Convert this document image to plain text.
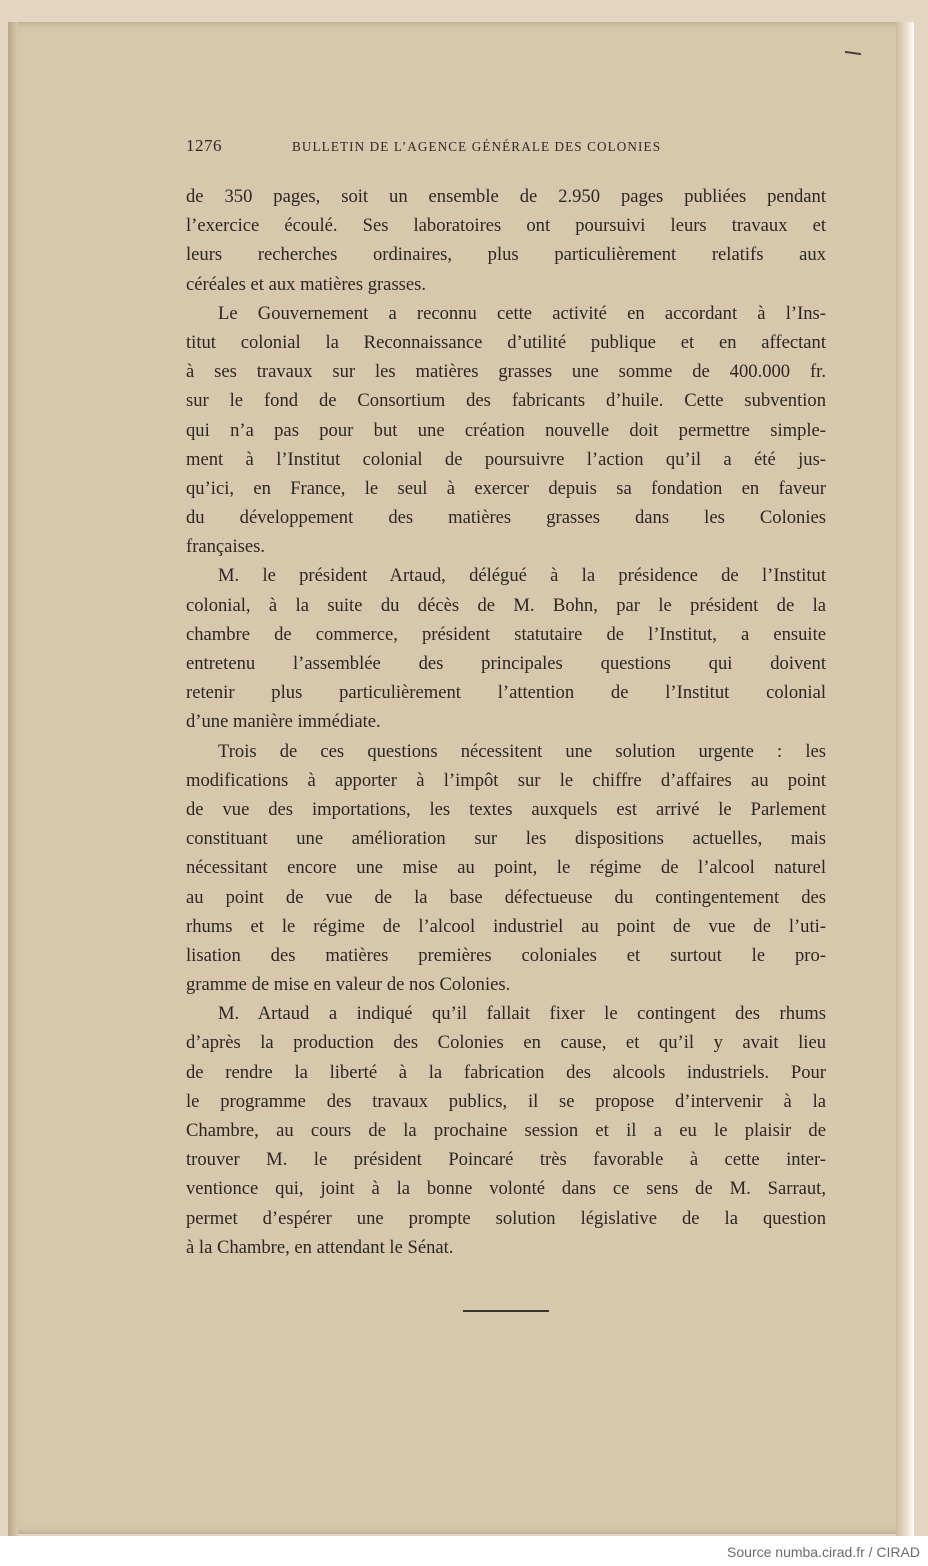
1276	BULLETIN DE L’AGENCE GÉNÉRALE DES COLONIES
de 350 pages, soit un ensemble de 2.950 pages publiées pendant
l’exercice écoulé. Ses laboratoires ont poursuivi leurs travaux et
leurs recherches ordinaires, plus particulièrement relatifs aux
céréales et aux matières grasses.
Le Gouvernement a reconnu cette activité en accordant à l’Ins-
titut colonial la Reconnaissance d’utilité publique et en affectant
à ses travaux sur les matières grasses une somme de 400.000 fr.
sur le fond de Consortium des fabricants d’huile. Cette subvention
qui n’a pas pour but une création nouvelle doit permettre simple-
ment à l’Institut colonial de poursuivre l’action qu’il a été jus-
qu’ici, en France, le seul à exercer depuis sa fondation en faveur
du développement des matières grasses dans les Colonies
françaises.
M. le président Artaud, délégué à la présidence de l’Institut
colonial, à la suite du décès de M. Bohn, par le président de la
chambre de commerce, président statutaire de l’Institut, a ensuite
entretenu l’assemblée des principales questions qui doivent
retenir plus particulièrement l’attention de l’Institut colonial
d’une manière immédiate.
Trois de ces questions nécessitent une solution urgente : les
modifications à apporter à l’impôt sur le chiffre d’affaires au point
de vue des importations, les textes auxquels est arrivé le Parlement
constituant une amélioration sur les dispositions actuelles, mais
nécessitant encore une mise au point, le régime de l’alcool naturel
au point de vue de la base défectueuse du contingentement des
rhums et le régime de l’alcool industriel au point de vue de l’uti-
lisation des matières premières coloniales et surtout le pro-
gramme de mise en valeur de nos Colonies.
M. Artaud a indiqué qu’il fallait fixer le contingent des rhums
d’après la production des Colonies en cause, et qu’il y avait lieu
de rendre la liberté à la fabrication des alcools industriels. Pour
le programme des travaux publics, il se propose d’intervenir à la
Chambre, au cours de la prochaine session et il a eu le plaisir de
trouver M. le président Poincaré très favorable à cette inter-
ventionce qui, joint à la bonne volonté dans ce sens de M. Sarraut,
permet d’espérer une prompte solution législative de la question
à la Chambre, en attendant le Sénat.
Source numba.cirad.fr / CIRAD
